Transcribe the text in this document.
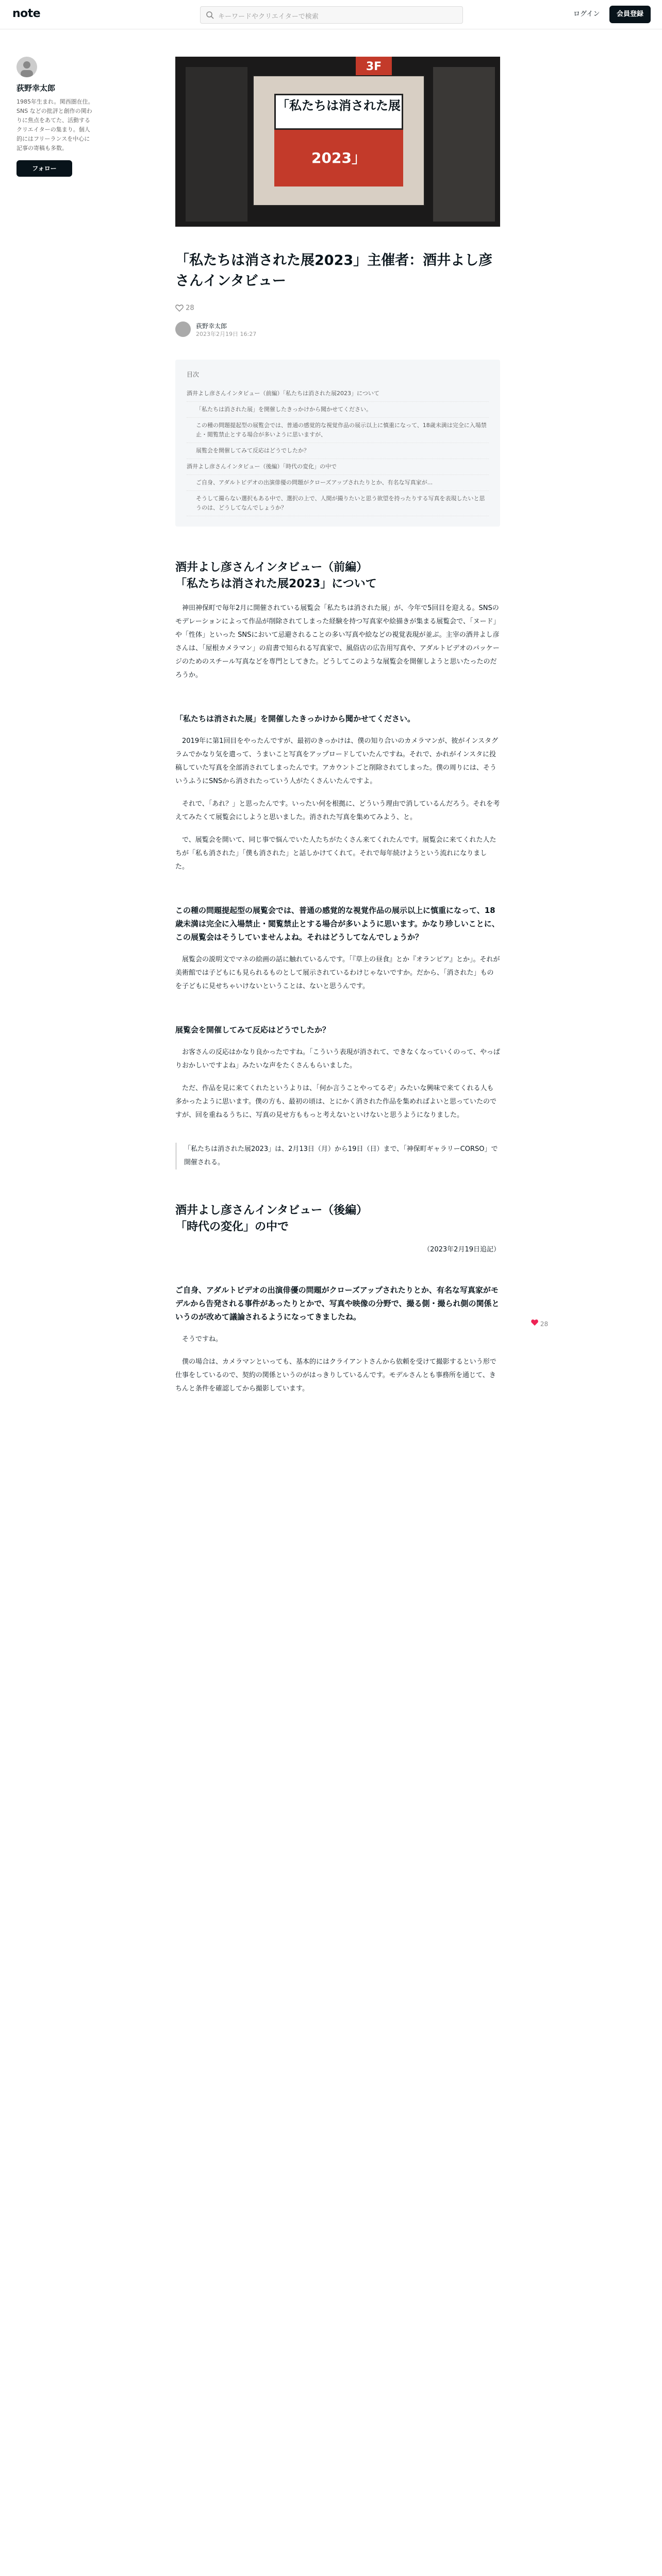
note	キーワードやクリエイターで検索	ログイン	会員登録
荻野幸太郎
1985年生まれ。関西圏在住。SNS などの批評と創作の関わりに焦点をあてた、活動するクリエイターの集まり。個人的にはフリーランスを中心に記事の寄稿も多数。
フォロー
3F
「私たちは消された展
2023」
「私たちは消された展2023」主催者：酒井よし彦さんインタビュー
28
荻野幸太郎
2023年2月19日 16:27
目次
酒井よし彦さんインタビュー（前編）「私たちは消された展2023」について
「私たちは消された展」を開催したきっかけから聞かせてください。
この種の問題提起型の展覧会では、普通の感覚的な視覚作品の展示以上に慎重になって、18歳未満は完全に入場禁止・閲覧禁止とする場合が多いように思いますが、
展覧会を開催してみて反応はどうでしたか？
酒井よし彦さんインタビュー（後編）「時代の変化」の中で
ご自身、アダルトビデオの出演俳優の問題がクローズアップされたりとか、有名な写真家が...
そうして撮らない選択もある中で、選択の上で、人間が撮りたいと思う欲望を持ったりする写真を表現したいと思うのは、どうしてなんでしょうか？
酒井よし彦さんインタビュー（前編）
「私たちは消された展2023」について

神田神保町で毎年2月に開催されている展覧会「私たちは消された展」が、今年で5回目を迎える。SNSのモデレーションによって作品が削除されてしまった経験を持つ写真家や絵描きが集まる展覧会で、「ヌード」や「性体」といった SNSにおいて忌避されることの多い写真や絵などの視覚表現が並ぶ。主宰の酒井よし彦さんは、「屋根カメラマン」の肩書で知られる写真家で、風俗店の広告用写真や、アダルトビデオのパッケージのためのスチール写真などを専門としてきた。どうしてこのような展覧会を開催しようと思いたったのだろうか。

「私たちは消された展」を開催したきっかけから聞かせてください。

2019年に第1回目をやったんですが、最初のきっかけは、僕の知り合いのカメラマンが、彼がインスタグラムでかなり気を遣って、うまいこと写真をアップロードしていたんですね。それで、かれがインスタに投稿していた写真を全部消されてしまったんです。アカウントごと削除されてしまった。僕の周りには、そういうふうにSNSから消されたっていう人がたくさんいたんですよ。

それで、「あれ？」と思ったんです。いったい何を根拠に、どういう理由で消しているんだろう。それを考えてみたくて展覧会にしようと思いました。消された写真を集めてみよう、と。

で、展覧会を開いて、同じ事で悩んでいた人たちがたくさん来てくれたんです。展覧会に来てくれた人たちが「私も消された」「僕も消された」と話しかけてくれて。それで毎年続けようという流れになりました。

この種の問題提起型の展覧会では、普通の感覚的な視覚作品の展示以上に慎重になって、18歳未満は完全に入場禁止・閲覧禁止とする場合が多いように思います。かなり珍しいことに、この展覧会はそうしていませんよね。それはどうしてなんでしょうか？

展覧会の説明文でマネの絵画の話に触れているんです。「『草上の昼食』とか『オランピア』とか」。それが美術館では子どもにも見られるものとして展示されているわけじゃないですか。だから、「消された」ものを子どもに見せちゃいけないということは、ないと思うんです。

展覧会を開催してみて反応はどうでしたか？

お客さんの反応はかなり良かったですね。「こういう表現が消されて、できなくなっていくのって、やっぱりおかしいですよね」みたいな声をたくさんもらいました。

ただ、作品を見に来てくれたというよりは、「何か言うことやってるぞ」みたいな興味で来てくれる人も多かったように思います。僕の方も、最初の頃は、とにかく消された作品を集めればよいと思っていたのですが、回を重ねるうちに、写真の見せ方ももっと考えないといけないと思うようになりました。

「私たちは消された展2023」は、2月13日（月）から19日（日）まで、「神保町ギャラリーCORSO」で開催される。

酒井よし彦さんインタビュー（後編）
「時代の変化」の中で
（2023年2月19日追記）
ご自身、アダルトビデオの出演俳優の問題がクローズアップされたりとか、有名な写真家がモデルから告発される事件があったりとかで、写真や映像の分野で、撮る側・撮られ側の関係というのが改めて議論されるようになってきましたね。

そうですね。

僕の場合は、カメラマンといっても、基本的にはクライアントさんから依頼を受けて撮影するという形で仕事をしているので、契約の関係というのがはっきりしているんです。モデルさんとも事務所を通じて、きちんと条件を確認してから撮影しています。

28
